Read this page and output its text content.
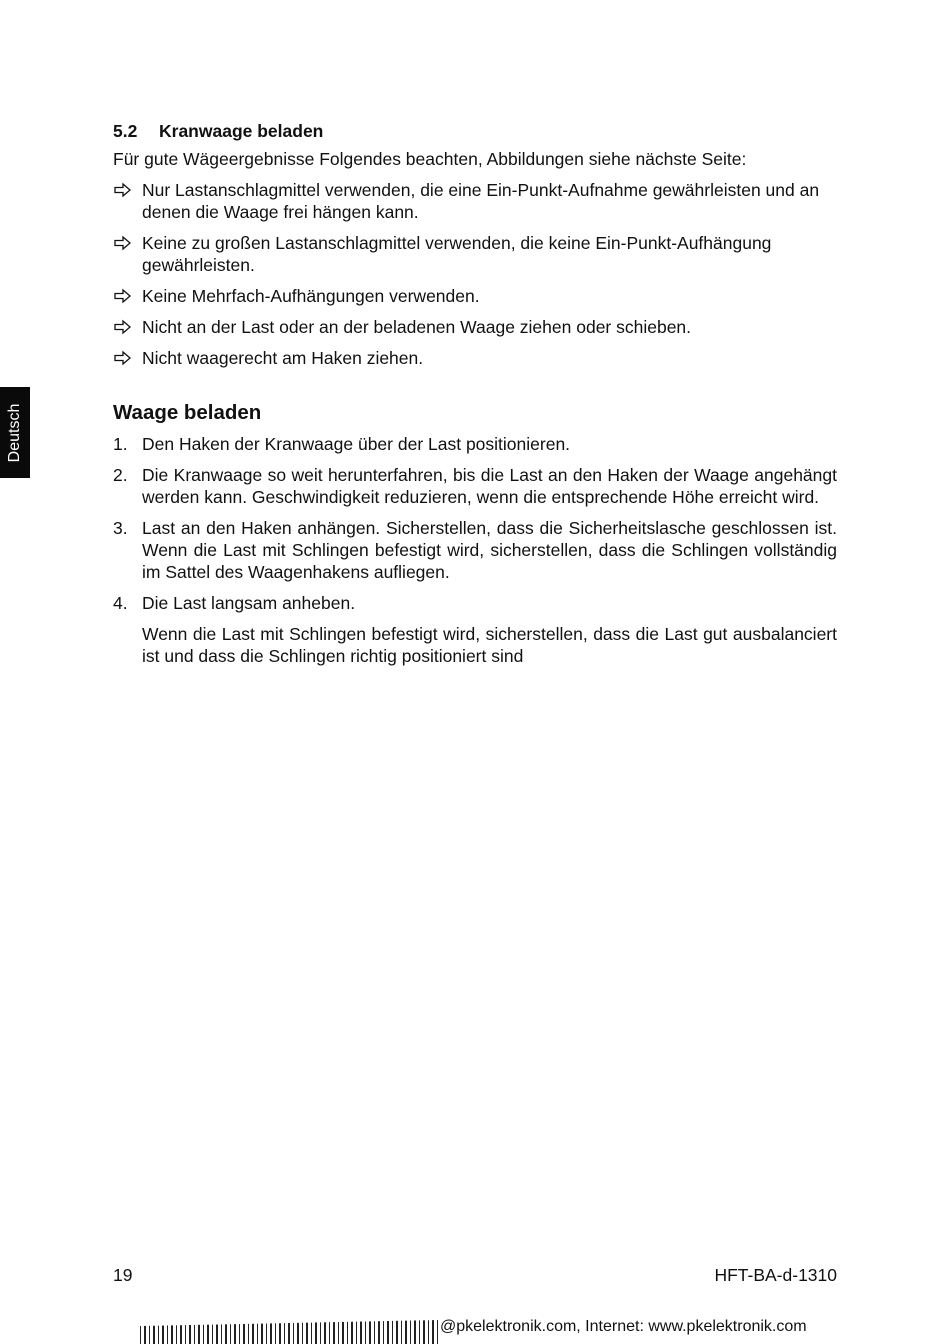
Deutsch
5.2 Kranwaage beladen

Für gute Wägeergebnisse Folgendes beachten, Abbildungen siehe nächste Seite:

Nur Lastanschlagmittel verwenden, die eine Ein-Punkt-Aufnahme gewährleisten und an denen die Waage frei hängen kann.
Keine zu großen Lastanschlagmittel verwenden, die keine Ein-Punkt-Aufhängung gewährleisten.
Keine Mehrfach-Aufhängungen verwenden.
Nicht an der Last oder an der beladenen Waage ziehen oder schieben.
Nicht waagerecht am Haken ziehen.
Waage beladen
1. Den Haken der Kranwaage über der Last positionieren.
2. Die Kranwaage so weit herunterfahren, bis die Last an den Haken der Waage angehängt werden kann. Geschwindigkeit reduzieren, wenn die entsprechende Höhe erreicht wird.
3. Last an den Haken anhängen. Sicherstellen, dass die Sicherheitslasche geschlossen ist. Wenn die Last mit Schlingen befestigt wird, sicherstellen, dass die Schlingen vollständig im Sattel des Waagenhakens aufliegen.
4. Die Last langsam anheben.

Wenn die Last mit Schlingen befestigt wird, sicherstellen, dass die Last gut ausbalanciert ist und dass die Schlingen richtig positioniert sind

19	HFT-BA-d-1310
@pkelektronik.com, Internet: www.pkelektronik.com
